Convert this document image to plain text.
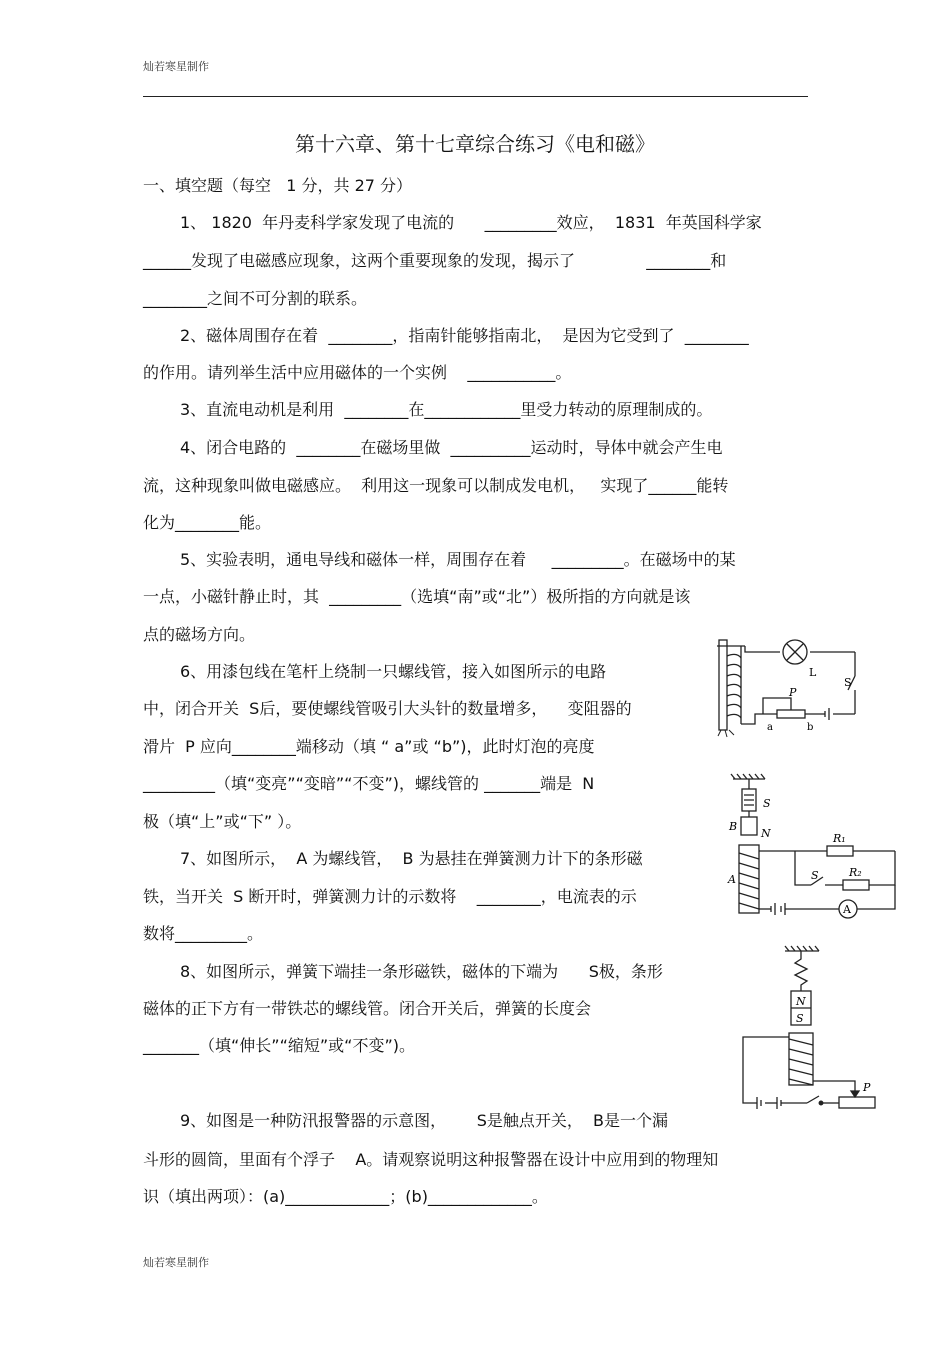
灿若寒星制作
第十六章、第十七章综合练习《电和磁》
一、填空题（每空   1 分，共 27 分）
1、 1820  年丹麦科学家发现了电流的      _________效应，  1831  年英国科学家
______发现了电磁感应现象，这两个重要现象的发现，揭示了              ________和
________之间不可分割的联系。
2、磁体周围存在着  ________，指南针能够指南北，  是因为它受到了  ________
的作用。请列举生活中应用磁体的一个实例    ___________。
3、直流电动机是利用  ________在____________里受力转动的原理制成的。
4、闭合电路的  ________在磁场里做  __________运动时，导体中就会产生电
流，这种现象叫做电磁感应。  利用这一现象可以制成发电机，   实现了______能转
化为________能。
5、实验表明，通电导线和磁体一样，周围存在着     _________。在磁场中的某
一点，小磁针静止时，其  _________（选填“南”或“北”）极所指的方向就是该
点的磁场方向。
6、用漆包线在笔杆上绕制一只螺线管，接入如图所示的电路
中，闭合开关  S后，要使螺线管吸引大头针的数量增多，    变阻器的
滑片  P 应向________端移动（填 “ a”或 “b”)，此时灯泡的亮度
_________（填“变亮”“变暗”“不变”)，螺线管的 _______端是  N
极（填“上”或“下” ）。
7、如图所示，  A 为螺线管，  B 为悬挂在弹簧测力计下的条形磁
铁，当开关  S 断开时，弹簧测力计的示数将    ________，电流表的示
数将_________。
8、如图所示，弹簧下端挂一条形磁铁，磁体的下端为      S极，条形
磁体的正下方有一带铁芯的螺线管。闭合开关后，弹簧的长度会
_______（填“伸长”“缩短”或“不变”)。
9、如图是一种防汛报警器的示意图，      S是触点开关，  B是一个漏
斗形的圆筒，里面有个浮子    A。请观察说明这种报警器在设计中应用到的物理知
识（填出两项）：(a)_____________；(b)_____________。
L
S
P
a	b
A
S
B
N
A	S
R₁
R₂
N
S
P
灿若寒星制作
